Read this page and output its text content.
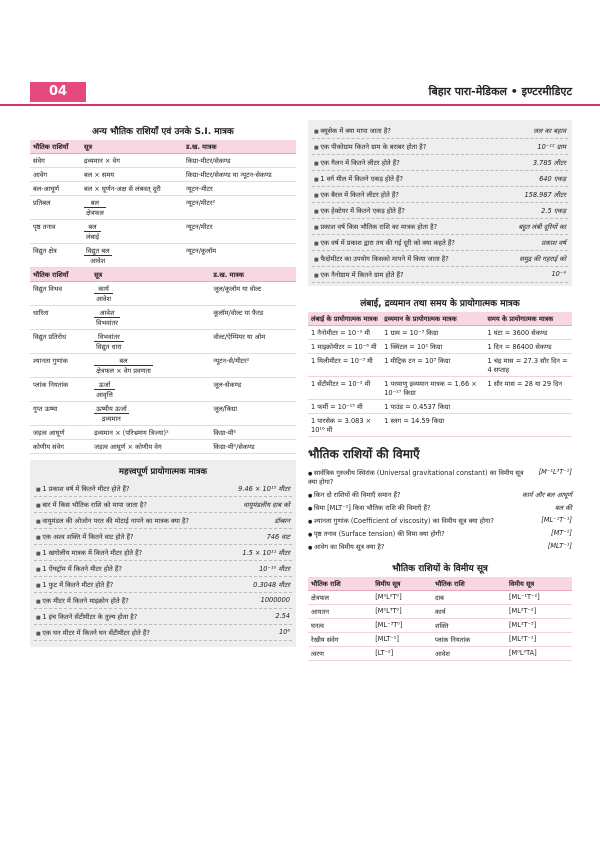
04	बिहार पारा-मेडिकल • इण्टरमीडिएट
अन्य भौतिक राशियाँ एवं उनके S.I. मात्रक
भौतिक राशियाँ	सूत्र	ड.ख. मात्रक
संवेग	द्रव्यमान × वेग	किग्रा-मीटर/सेकण्ड
आवेग	बल × समय	किग्रा-मीटर/सेकण्ड या न्यूटन-सेकण्ड
बल-आघूर्ण	बल × घूर्णन-अक्ष से लंबवत् दूरी	न्यूटन-मीटर
प्रतिबल	$\frac{\text{बल}}{\text{क्षेत्रफल}}$	न्यूटन/मीटर²
पृष्ठ तनाव	$\frac{\text{बल}}{\text{लंबाई}}$	न्यूटन/मीटर
विद्युत क्षेत्र	$\frac{\text{विद्युत बल}}{\text{आवेश}}$	न्यूटन/कूलॉम
भौतिक राशियाँ	सूत्र	ड.ख. मात्रक
विद्युत विभव	$\frac{\text{कार्य}}{\text{आवेश}}$	जूल/कूलॉम या वोल्ट
धारिता	$\frac{\text{आवेश}}{\text{विभवांतर}}$	कूलॉम/वोल्ट या फैरड
विद्युत प्रतिरोध	$\frac{\text{विभवांतर}}{\text{विद्युत धारा}}$	वोल्ट/ऐम्पियर या ओम
श्यानता गुणांक	$\frac{\text{बल}}{\text{क्षेत्रफल × वेग प्रवणता}}$	न्यूटन-से/मीटर²
प्लांक नियतांक	$\frac{\text{ऊर्जा}}{\text{आवृत्ति}}$	जूल-सेकण्ड
गुप्त ऊष्मा	$\frac{\text{ऊष्मीय ऊर्जा}}{\text{द्रव्यमान}}$	जूल/किग्रा
जड़त्व आघूर्ण	द्रव्यमान × (परिभ्रमण त्रिज्या)²	किग्रा-मी²
कोणीय संवेग	जड़त्व आघूर्ण × कोणीय वेग	किग्रा-मी²/सेकण्ड
महत्त्वपूर्ण प्रायोगात्मक मात्रक
■ 1 प्रकाश वर्ष में कितने मीटर होते हैं?	9.46 × 10¹⁵ मीटर
■ बार में किस भौतिक राशि को मापा जाता है?	वायुमंडलीय दाब को
■ वायुमंडल की ओजोन परत की मोटाई नापने का मात्रक क्या है?	डॉब्सन
■ एक अश्व शक्ति में कितने वाट होते हैं?	746 वाट
■ 1 खगोलीय मात्रक में कितने मीटर होते हैं?	1.5 × 10¹¹ मीटर
■ 1 ऐंग्स्ट्रॉम में कितने मीटर होते हैं?	10⁻¹⁰ मीटर
■ 1 फुट में कितने मीटर होते हैं?	0.3048 मीटर
■ एक मीटर में कितने माइक्रोन होते हैं?	1000000
■ 1 इंच कितने सेंटीमीटर के तुल्य होता है?	2.54
■ एक घन मीटर में कितने घन सेंटीमीटर होते हैं?	10⁶
■ क्यूसेक में क्या मापा जाता है?	जल का बहाव
■ एक पीकोग्राम कितने ग्राम के बराबर होता है?	10⁻¹² ग्राम
■ एक गैलन में कितने लीटर होते हैं?	3.785 लीटर
■ 1 वर्ग मील में कितने एकड़ होते हैं?	640 एकड़
■ एक बैरल में कितने लीटर होते हैं?	158.987 लीटर
■ एक हेक्टेयर में कितने एकड़ होते हैं?	2.5 एकड़
■ प्रकाश वर्ष किस भौतिक राशि का मात्रक होता है?	बहुत लंबी दूरियों का
■ एक वर्ष में प्रकाश द्वारा तय की गई दूरी को क्या कहते हैं?	प्रकाश वर्ष
■ फैदोमीटर का उपयोग किसको मापने में किया जाता है?	समुद्र की गहराई को
■ एक नैनोग्राम में कितने ग्राम होते हैं?	10⁻⁹
लंबाई, द्रव्यमान तथा समय के प्रायोगात्मक मात्रक
लंबाई के प्रायोगात्मक मात्रक	द्रव्यमान के प्रायोगात्मक मात्रक	समय के प्रायोगात्मक मात्रक
1 नैनोमीटर = 10⁻⁹ मी	1 ग्राम = 10⁻³ किग्रा	1 घंटा = 3600 सेकण्ड
1 माइक्रोमीटर = 10⁻⁶ मी	1 क्विंटल = 10² किग्रा	1 दिन = 86400 सेकण्ड
1 मिलीमीटर = 10⁻³ मी	1 मीट्रिक टन = 10³ किग्रा	1 चंद्र मास = 27.3 सौर दिन = 4 सप्ताह
1 सेंटीमीटर = 10⁻² मी	1 परमाणु द्रव्यमान मात्रक = 1.66 × 10⁻²⁷ किग्रा	1 सौर मास = 28 या 29 दिन
1 फर्मी = 10⁻¹⁵ मी	1 पाउंड = 0.4537 किग्रा	
1 पारसेक = 3.083 × 10¹⁶ मी	1 स्लग = 14.59 किग्रा	
भौतिक राशियों की विमाएँ
● सार्वत्रिक गुरुत्वीय स्थिरांक (Universal gravitational constant) का विमीय सूत्र क्या होगा?
[M⁻¹L³T⁻²]
● किन दो राशियों की विमाएँ समान हैं?	कार्य और बल आघूर्ण
● विमा [MLT⁻²] किस भौतिक राशि की विमाएँ हैं?	बल की
● श्यानता गुणांक (Coefficient of viscosity) का विमीय सूत्र क्या होगा?	[ML⁻¹T⁻¹]
● पृष्ठ तनाव (Surface tension) की विमा क्या होगी?	[MT⁻²]
● आवेग का विमीय सूत्र क्या है?	[MLT⁻¹]
भौतिक राशियों के विमीय सूत्र
भौतिक राशि	विमीय सूत्र	भौतिक राशि	विमीय सूत्र
क्षेत्रफल	[M⁰L²T⁰]	दाब	[ML⁻¹T⁻²]
आयतन	[M⁰L³T⁰]	कार्य	[ML²T⁻²]
घनत्व	[ML⁻³T⁰]	शक्ति	[ML²T⁻³]
रेखीय संवेग	[MLT⁻¹]	प्लांक नियतांक	[ML²T⁻¹]
त्वरण	[LT⁻²]	आवेश	[M⁰L⁰TA]
